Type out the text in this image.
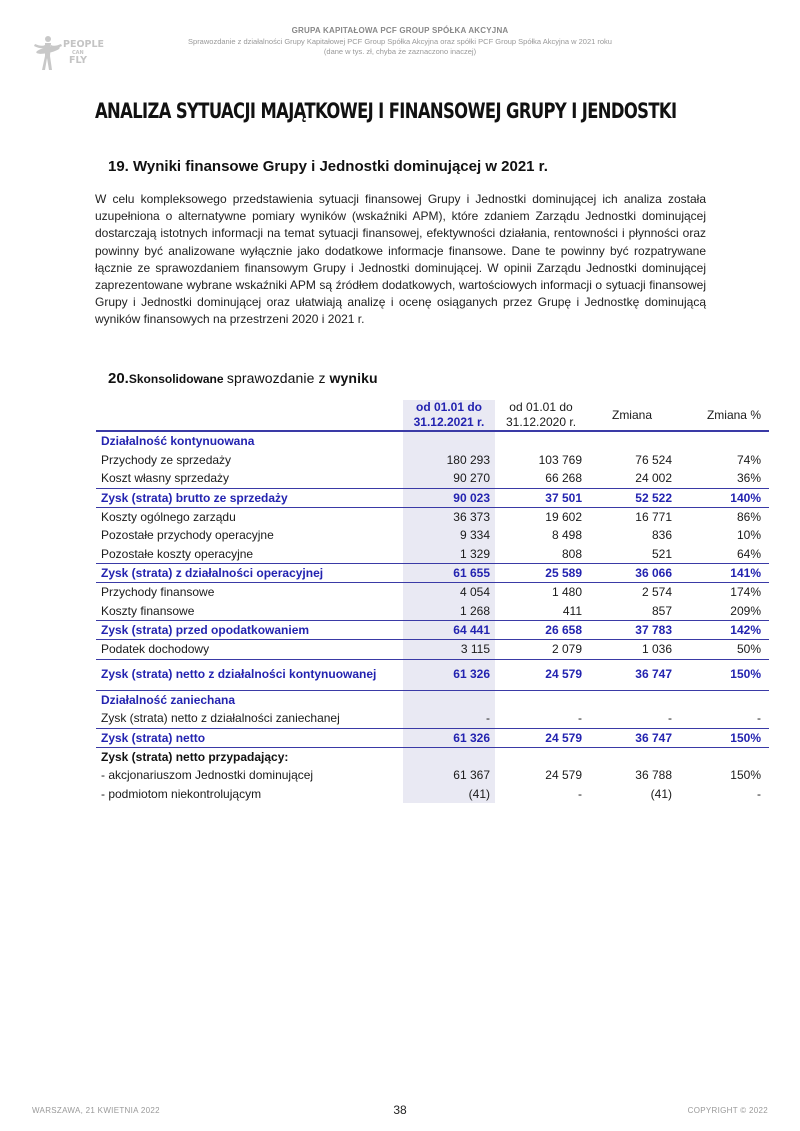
PEOPLE
CAN
FLY
GRUPA KAPITAŁOWA PCF GROUP SPÓŁKA AKCYJNA
Sprawozdanie z działalności Grupy Kapitałowej PCF Group Spółka Akcyjna oraz spółki PCF Group Spółka Akcyjna w 2021 roku
(dane w tys. zł, chyba że zaznaczono inaczej)
ANALIZA SYTUACJI MAJĄTKOWEJ I FINANSOWEJ GRUPY I JENDOSTKI
19. Wyniki finansowe Grupy i Jednostki dominującej w 2021 r.

W celu kompleksowego przedstawienia sytuacji finansowej Grupy i Jednostki dominującej ich analiza została uzupełniona o alternatywne pomiary wyników (wskaźniki APM), które zdaniem Zarządu Jednostki dominującej dostarczają istotnych informacji na temat sytuacji finansowej, efektywności działania, rentowności i płynności oraz powinny być analizowane wyłącznie jako dodatkowe informacje finansowe. Dane te powinny być rozpatrywane łącznie ze sprawozdaniem finansowym Grupy i Jednostki dominującej. W opinii Zarządu Jednostki dominującej zaprezentowane wybrane wskaźniki APM są źródłem dodatkowych, wartościowych informacji o sytuacji finansowej Grupy i Jednostki dominującej oraz ułatwiają analizę i ocenę osiąganych przez Grupę i Jednostkę dominującą wyników finansowych na przestrzeni 2020 i 2021 r.

20.Skonsolidowane sprawozdanie z wyniku
	od 01.01 do 31.12.2021 r.	od 01.01 do 31.12.2020 r.	Zmiana	Zmiana %
Działalność kontynuowana				
Przychody ze sprzedaży	180 293	103 769	76 524	74%
Koszt własny sprzedaży	90 270	66 268	24 002	36%
Zysk (strata) brutto ze sprzedaży	90 023	37 501	52 522	140%
Koszty ogólnego zarządu	36 373	19 602	16 771	86%
Pozostałe przychody operacyjne	9 334	8 498	836	10%
Pozostałe koszty operacyjne	1 329	808	521	64%
Zysk (strata) z działalności operacyjnej	61 655	25 589	36 066	141%
Przychody finansowe	4 054	1 480	2 574	174%
Koszty finansowe	1 268	411	857	209%
Zysk (strata) przed opodatkowaniem	64 441	26 658	37 783	142%
Podatek dochodowy	3 115	2 079	1 036	50%
Zysk (strata) netto z działalności kontynuowanej	61 326	24 579	36 747	150%
Działalność zaniechana				
Zysk (strata) netto z działalności zaniechanej	-	-	-	-
Zysk (strata) netto	61 326	24 579	36 747	150%
Zysk (strata) netto przypadający:				
- akcjonariuszom Jednostki dominującej	61 367	24 579	36 788	150%
- podmiotom niekontrolującym	(41)	-	(41)	-
WARSZAWA, 21 KWIETNIA 2022	38	COPYRIGHT © 2022
